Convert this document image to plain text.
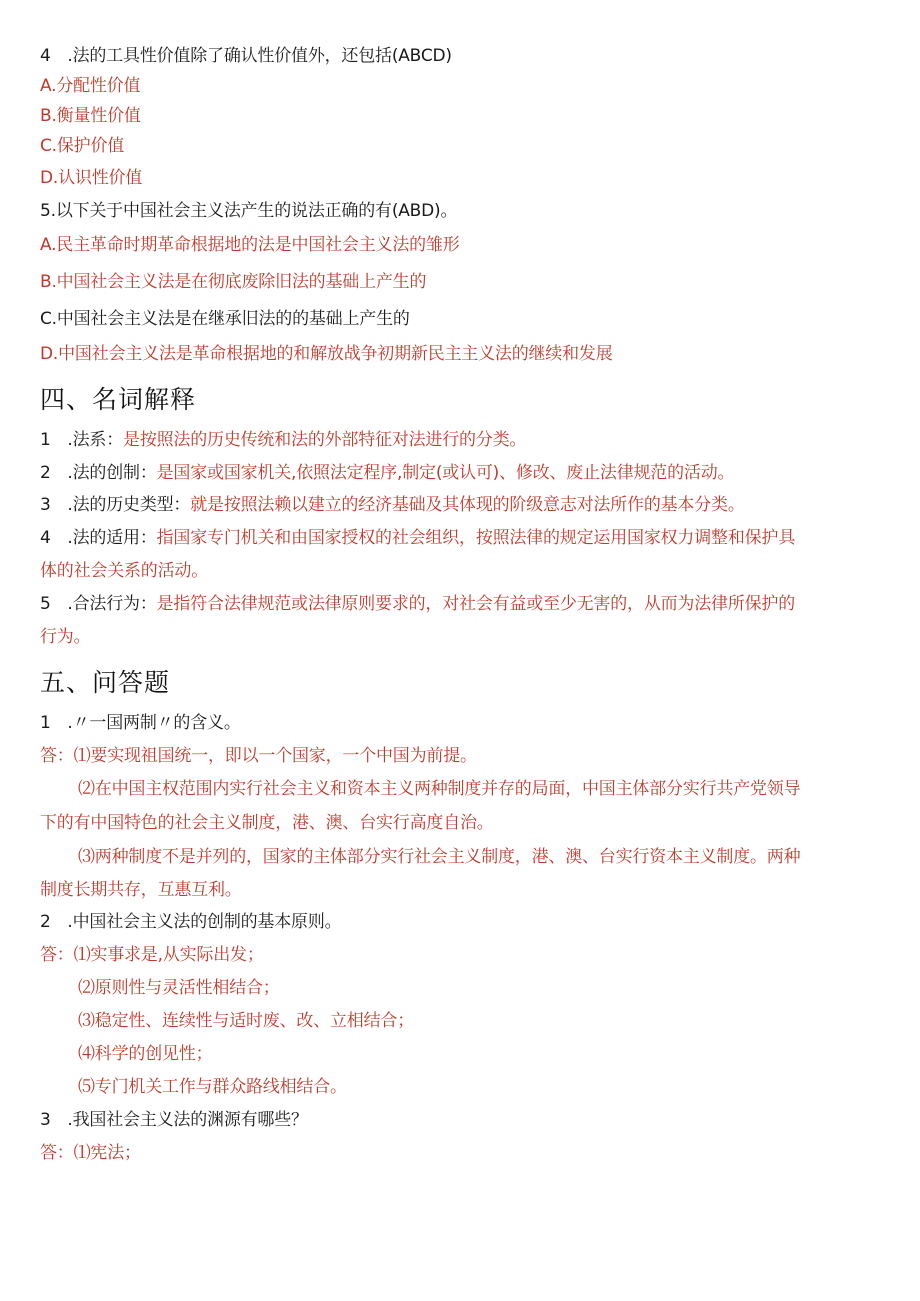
4　.法的工具性价值除了确认性价值外，还包括(ABCD)

A.分配性价值

B.衡量性价值

C.保护价值

D.认识性价值

5.以下关于中国社会主义法产生的说法正确的有(ABD)。

A.民主革命时期革命根据地的法是中国社会主义法的雏形

B.中国社会主义法是在彻底废除旧法的基础上产生的

C.中国社会主义法是在继承旧法的的基础上产生的

D.中国社会主义法是革命根据地的和解放战争初期新民主主义法的继续和发展

四、名词解释

1　.法系：是按照法的历史传统和法的外部特征对法进行的分类。

2　.法的创制：是国家或国家机关,依照法定程序,制定(或认可)、修改、废止法律规范的活动。

3　.法的历史类型：就是按照法赖以建立的经济基础及其体现的阶级意志对法所作的基本分类。

4　.法的适用：指国家专门机关和由国家授权的社会组织，按照法律的规定运用国家权力调整和保护具

体的社会关系的活动。

5　.合法行为：是指符合法律规范或法律原则要求的，对社会有益或至少无害的，从而为法律所保护的

行为。

五、问答题

1　.〃一国两制〃的含义。

答：⑴要实现祖国统一，即以一个国家，一个中国为前提。

⑵在中国主权范围内实行社会主义和资本主义两种制度并存的局面，中国主体部分实行共产党领导

下的有中国特色的社会主义制度，港、澳、台实行高度自治。

⑶两种制度不是并列的，国家的主体部分实行社会主义制度，港、澳、台实行资本主义制度。两种

制度长期共存，互惠互利。

2　.中国社会主义法的创制的基本原则。

答：⑴实事求是,从实际出发；

⑵原则性与灵活性相结合；

⑶稳定性、连续性与适时废、改、立相结合；

⑷科学的创见性；

⑸专门机关工作与群众路线相结合。

3　.我国社会主义法的渊源有哪些？

答：⑴宪法；
